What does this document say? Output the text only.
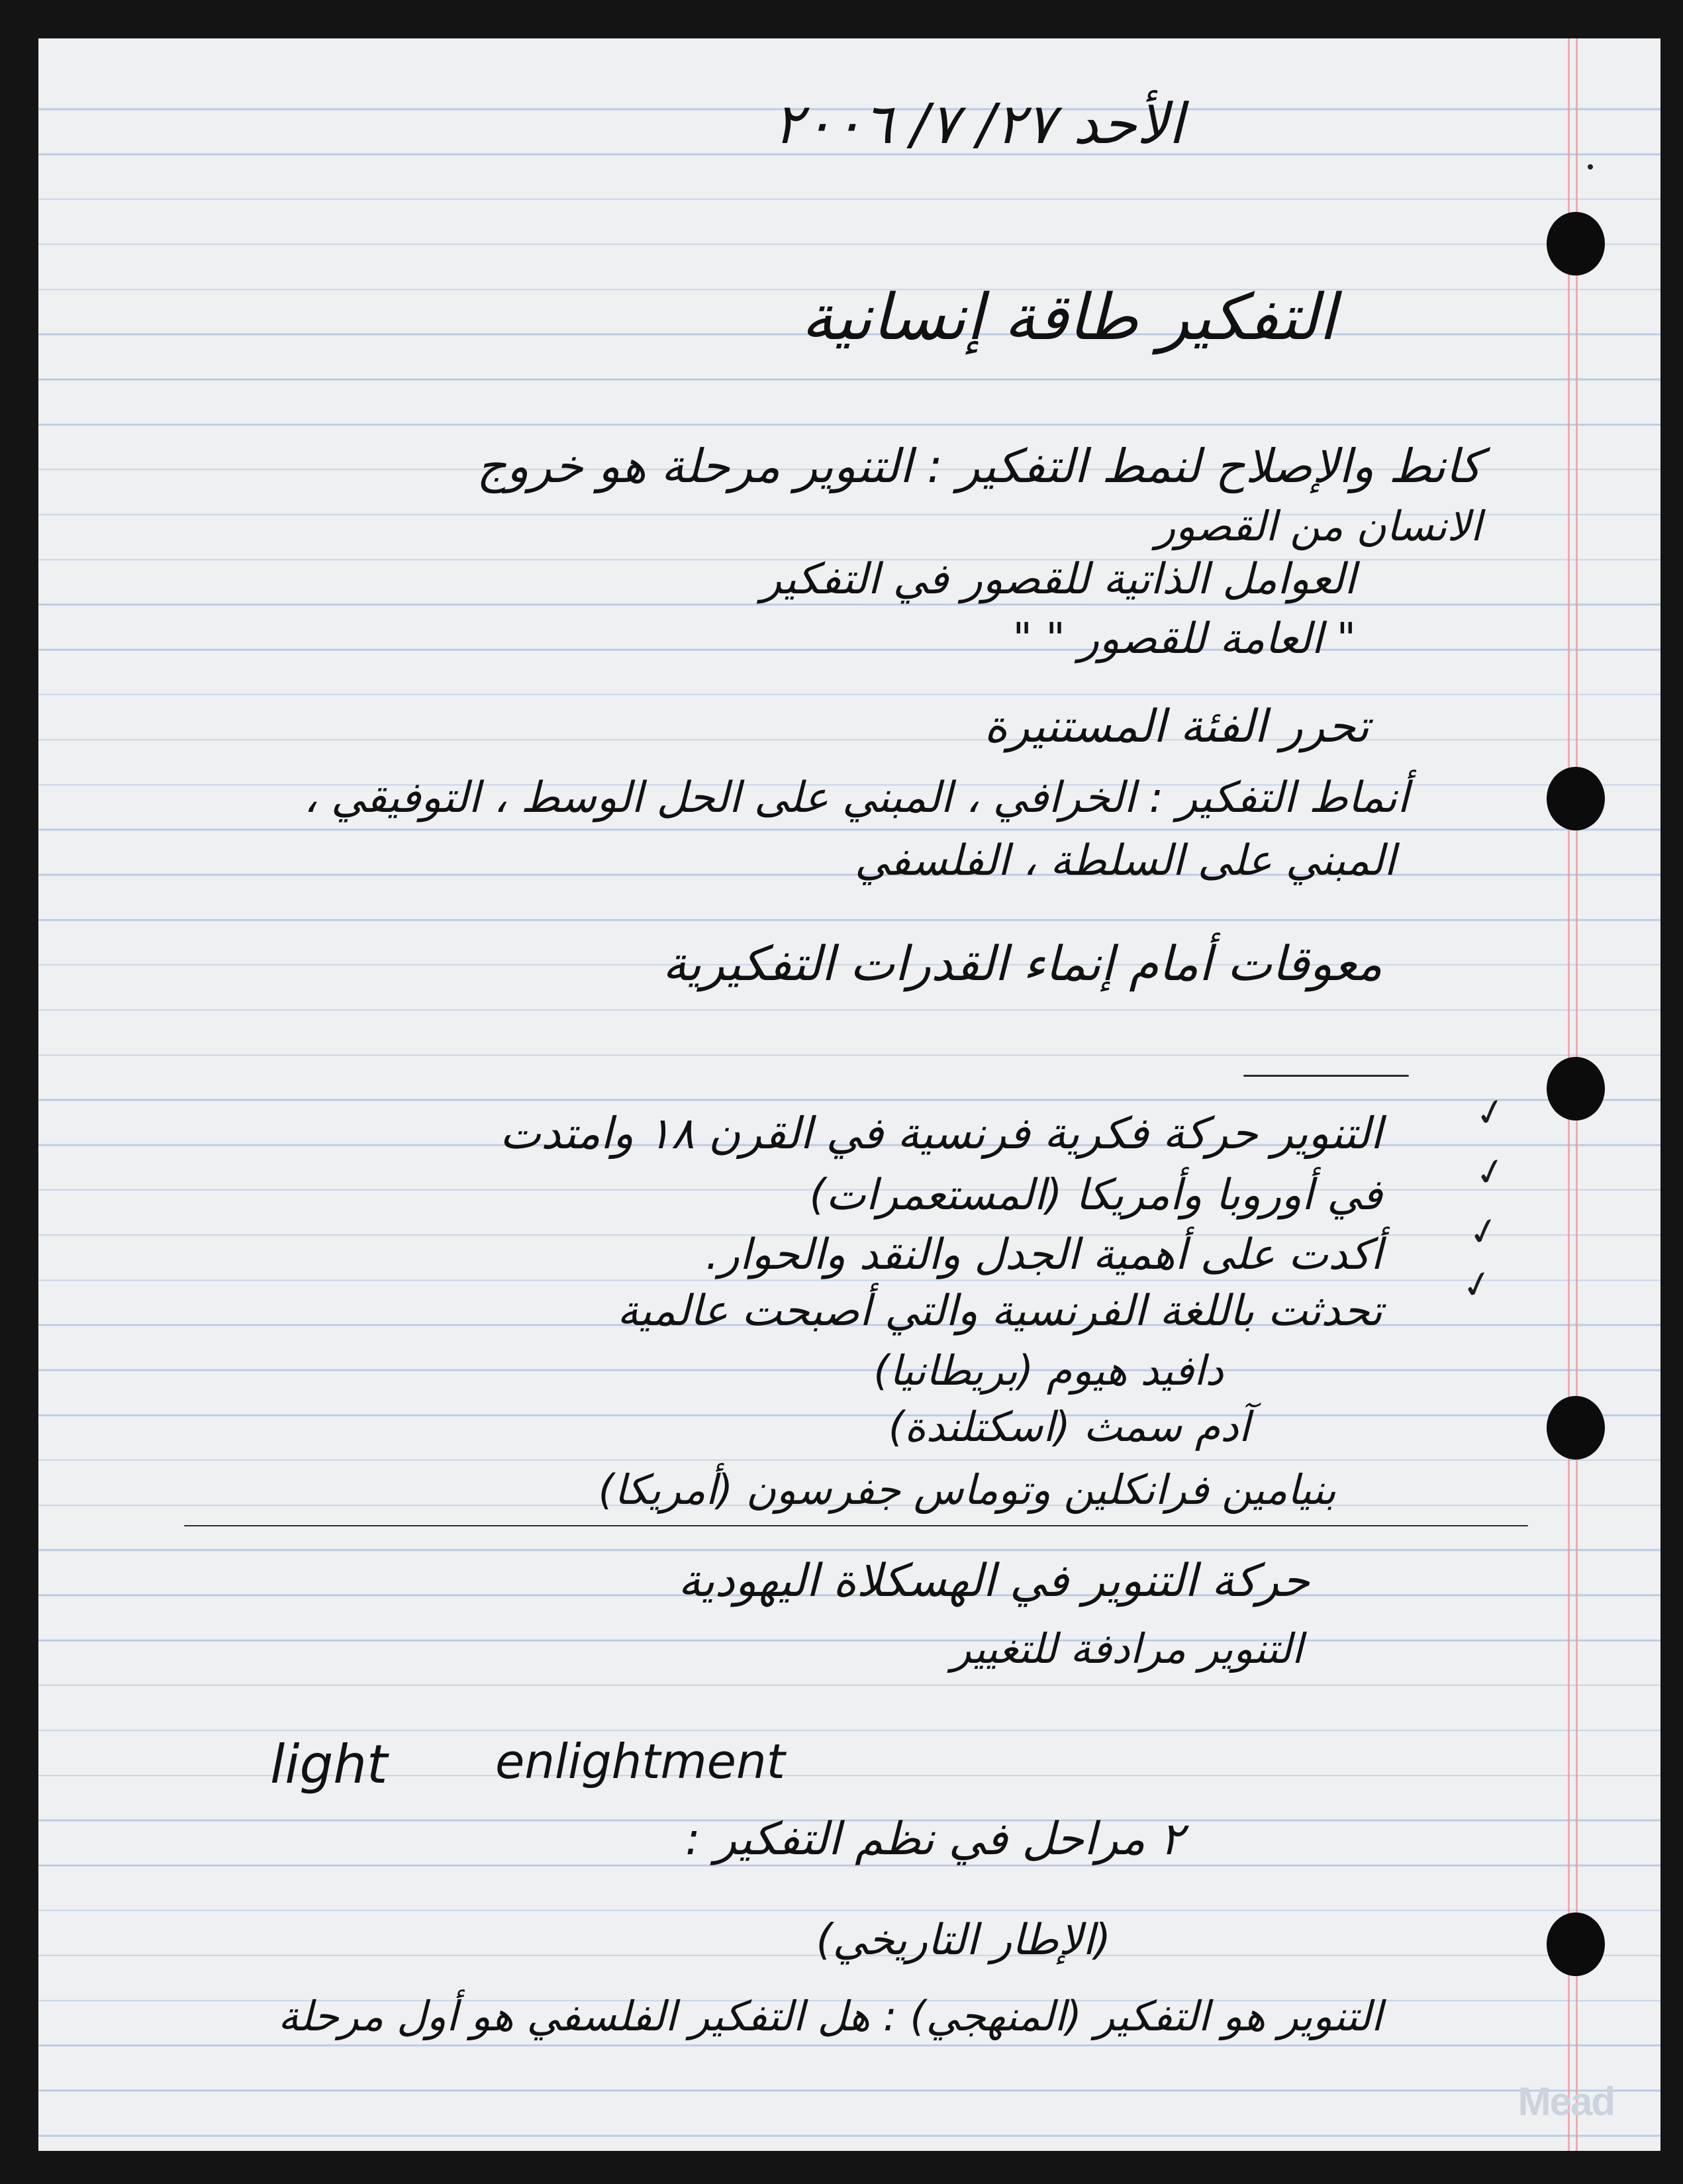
الأحد ٢٧/ ٧/ ٢٠٠٦
التفكير طاقة إنسانية
كانط والإصلاح لنمط التفكير : التنوير مرحلة هو خروج
الانسان من القصور
العوامل الذاتية للقصور في التفكير
" العامة للقصور " "
تحرر الفئة المستنيرة
أنماط التفكير : الخرافي ، المبني على الحل الوسط ، التوفيقي ،
المبني على السلطة ، الفلسفي
معوقات أمام إنماء القدرات التفكيرية
التنوير حركة فكرية فرنسية في القرن ١٨ وامتدت
في أوروبا وأمريكا (المستعمرات)
أكدت على أهمية الجدل والنقد والحوار.
تحدثت باللغة الفرنسية والتي أصبحت عالمية
دافيد هيوم (بريطانيا)
آدم سمث (اسكتلندة)
بنيامين فرانكلين وتوماس جفرسون (أمريكا)
✓
✓
✓
✓
حركة التنوير في الهسكلاة اليهودية
التنوير مرادفة للتغيير
light enlightment
٢ مراحل في نظم التفكير :
(الإطار التاريخي)
التنوير هو التفكير (المنهجي) : هل التفكير الفلسفي هو أول مرحلة
Mead
